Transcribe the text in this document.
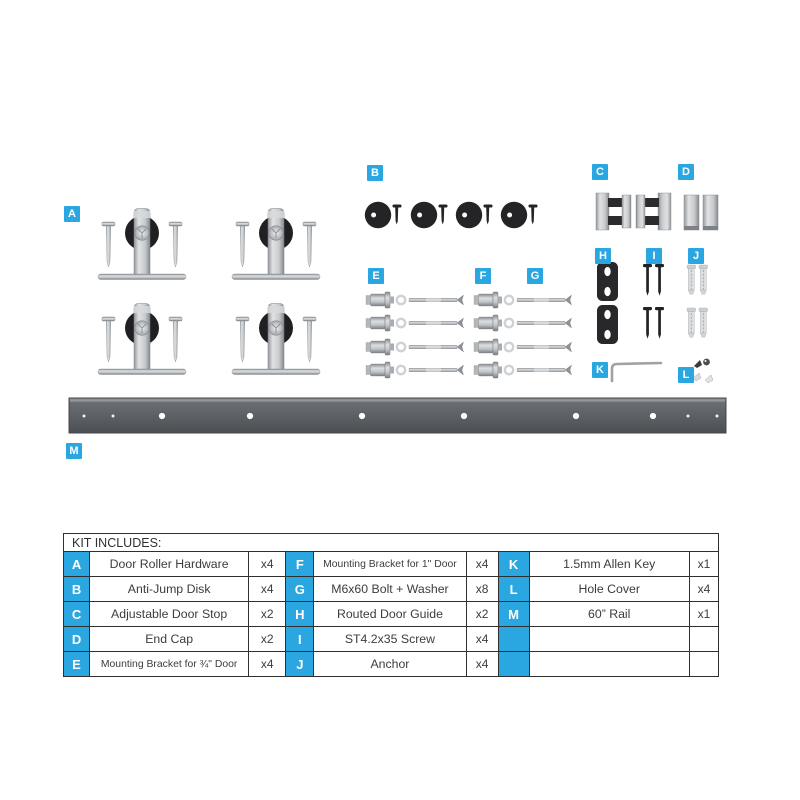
A
B	C	D
E	F	G
H	I	J
K	L
M
KIT INCLUDES:								
A	Door Roller Hardware	x4	F	Mounting Bracket for 1" Door	x4	K	1.5mm Allen Key	x1
B	Anti-Jump Disk	x4	G	M6x60 Bolt + Washer	x8	L	Hole Cover	x4
C	Adjustable Door Stop	x2	H	Routed Door Guide	x2	M	60” Rail	x1
D	End Cap	x2	I	ST4.2x35 Screw	x4			
E	Mounting Bracket for ¾" Door	x4	J	Anchor	x4			
